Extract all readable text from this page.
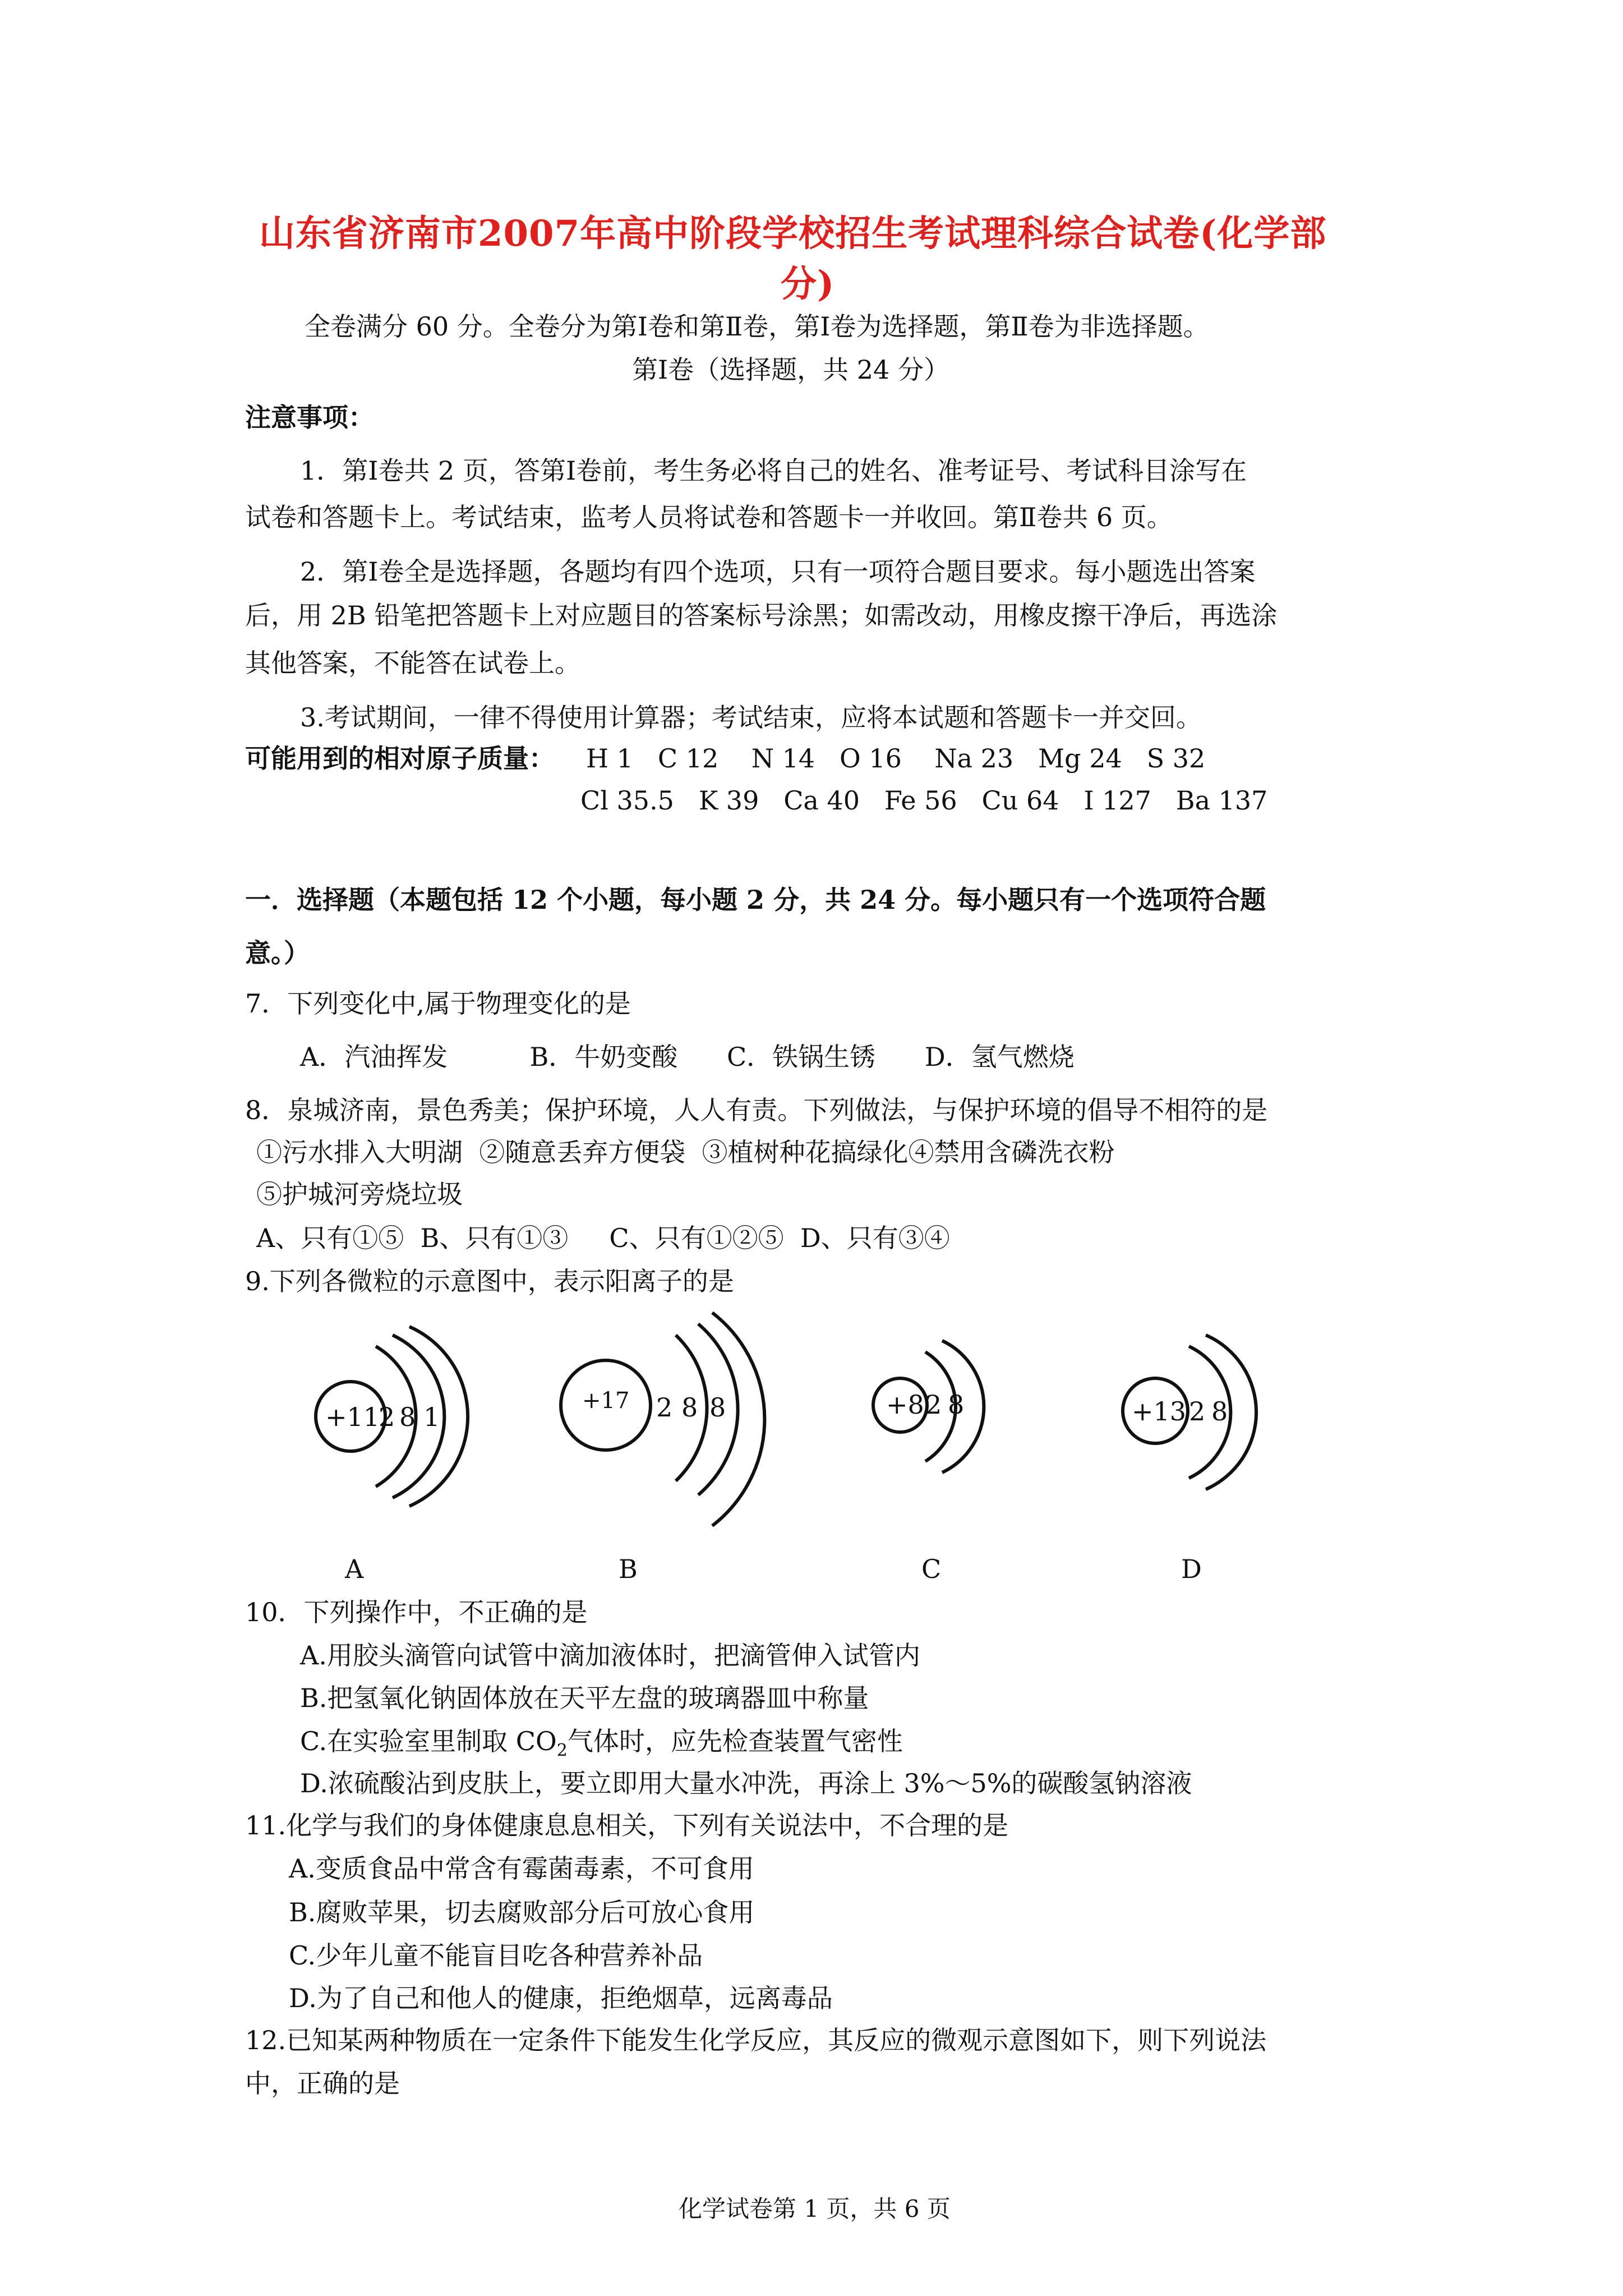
山东省济南市2007年高中阶段学校招生考试理科综合试卷(化学部
分)
全卷满分 60 分。全卷分为第Ⅰ卷和第Ⅱ卷，第Ⅰ卷为选择题，第Ⅱ卷为非选择题。
第Ⅰ卷（选择题，共 24 分）
注意事项：
1．第Ⅰ卷共 2 页，答第Ⅰ卷前，考生务必将自己的姓名、准考证号、考试科目涂写在
试卷和答题卡上。考试结束，监考人员将试卷和答题卡一并收回。第Ⅱ卷共 6 页。
2．第Ⅰ卷全是选择题，各题均有四个选项，只有一项符合题目要求。每小题选出答案
后，用 2B 铅笔把答题卡上对应题目的答案标号涂黑；如需改动，用橡皮擦干净后，再选涂
其他答案，不能答在试卷上。
3.考试期间，一律不得使用计算器；考试结束，应将本试题和答题卡一并交回。
可能用到的相对原子质量： H 1   C 12    N 14   O 16    Na 23   Mg 24   S 32
Cl 35.5   K 39   Ca 40   Fe 56   Cu 64   I 127   Ba 137
一．选择题（本题包括 12 个小题，每小题 2 分，共 24 分。每小题只有一个选项符合题
意。）
7．下列变化中,属于物理变化的是
A．汽油挥发          B．牛奶变酸      C．铁锅生锈      D．氢气燃烧
8．泉城济南，景色秀美；保护环境，人人有责。下列做法，与保护环境的倡导不相符的是
①污水排入大明湖  ②随意丢弃方便袋  ③植树种花搞绿化④禁用含磷洗衣粉
⑤护城河旁烧垃圾
A、只有①⑤  B、只有①③     C、只有①②⑤  D、只有③④
9.下列各微粒的示意图中，表示阳离子的是
+11
2 8 1
+17 2 8 8	+8 2 8	+13 2 8
A	B	C	D
10．下列操作中，不正确的是
A.用胶头滴管向试管中滴加液体时，把滴管伸入试管内
B.把氢氧化钠固体放在天平左盘的玻璃器皿中称量
C.在实验室里制取 $CO_2$气体时，应先检查装置气密性
D.浓硫酸沾到皮肤上，要立即用大量水冲洗，再涂上 3%～5%的碳酸氢钠溶液
11.化学与我们的身体健康息息相关，下列有关说法中，不合理的是
A.变质食品中常含有霉菌毒素，不可食用
B.腐败苹果，切去腐败部分后可放心食用
C.少年儿童不能盲目吃各种营养补品
D.为了自己和他人的健康，拒绝烟草，远离毒品
12.已知某两种物质在一定条件下能发生化学反应，其反应的微观示意图如下，则下列说法
中，正确的是
化学试卷第 1 页，共 6 页
